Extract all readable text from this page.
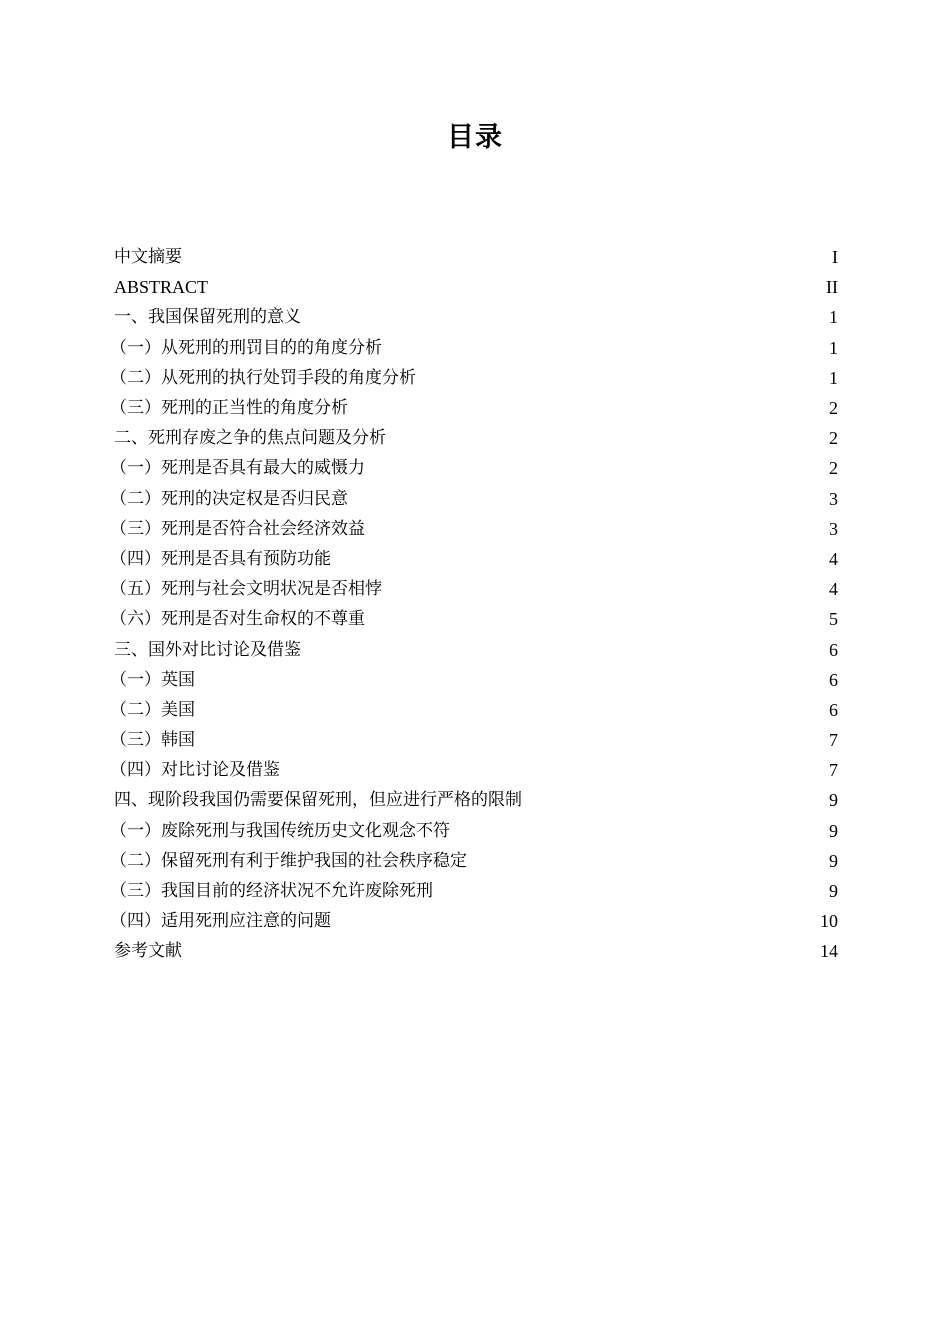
目录
中文摘要	I
ABSTRACT	II
一、我国保留死刑的意义	1
（一）从死刑的刑罚目的的角度分析	1
（二）从死刑的执行处罚手段的角度分析	1
（三）死刑的正当性的角度分析	2
二、死刑存废之争的焦点问题及分析	2
（一）死刑是否具有最大的威慑力	2
（二）死刑的决定权是否归民意	3
（三）死刑是否符合社会经济效益	3
（四）死刑是否具有预防功能	4
（五）死刑与社会文明状况是否相悖	4
（六）死刑是否对生命权的不尊重	5
三、国外对比讨论及借鉴	6
（一）英国	6
（二）美国	6
（三）韩国	7
（四）对比讨论及借鉴	7
四、现阶段我国仍需要保留死刑，但应进行严格的限制	9
（一）废除死刑与我国传统历史文化观念不符	9
（二）保留死刑有利于维护我国的社会秩序稳定	9
（三）我国目前的经济状况不允许废除死刑	9
（四）适用死刑应注意的问题	10
参考文献	14
